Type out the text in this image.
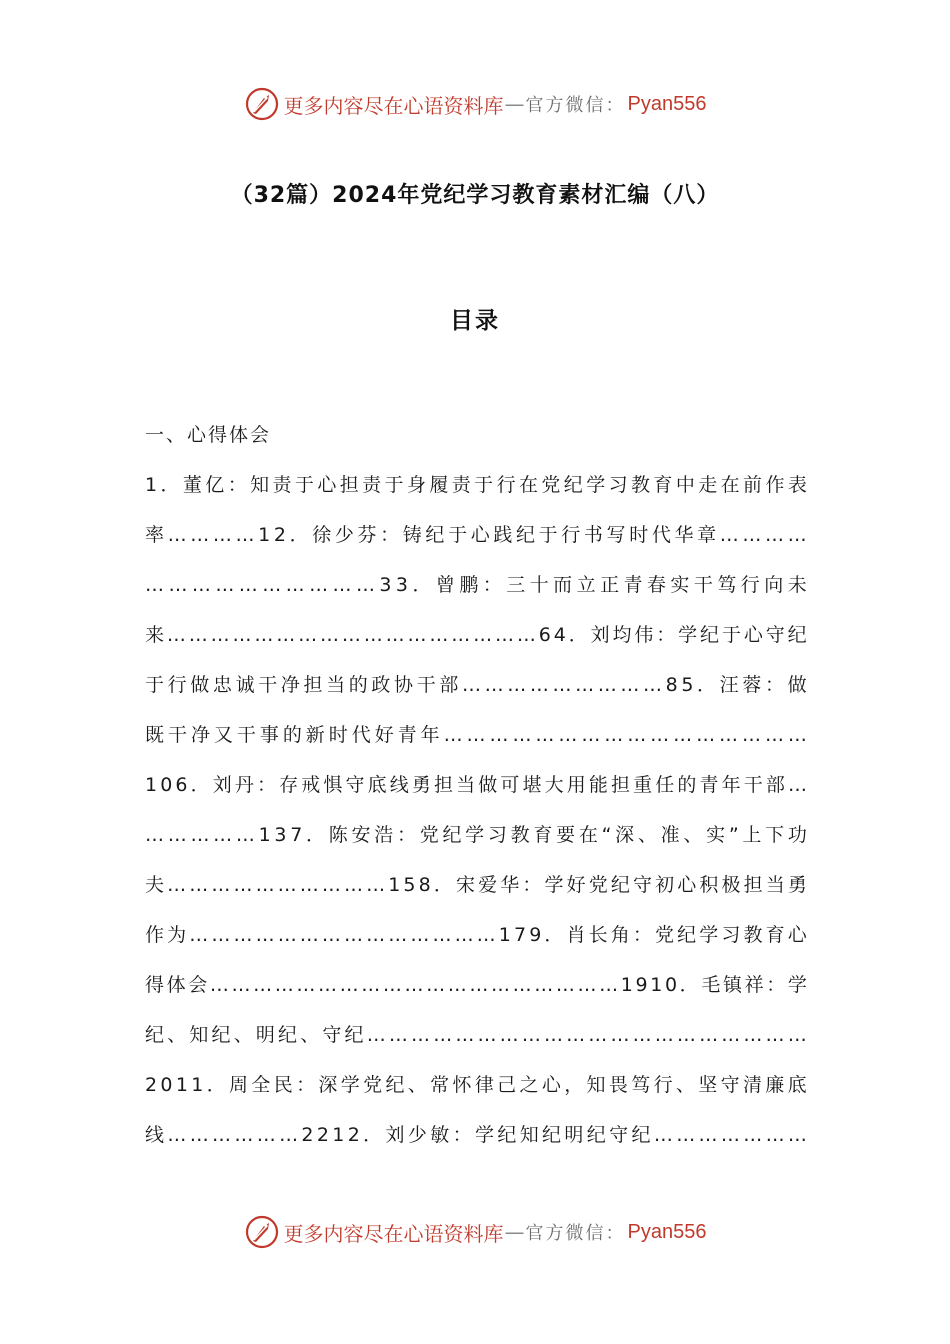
更多内容尽在心语资料库 — 官方微信： Pyan556
（32篇）2024年党纪学习教育素材汇编（八）
目录
一、心得体会
1 ． 董 亿 ： 知 责 于 心 担 责 于 身 履 责 于 行 在 党 纪 学 习 教 育 中 走 在 前 作 表
率 … … … … 1 2 ． 徐 少 芬 ： 铸 纪 于 心 践 纪 于 行 书 写 时 代 华 章 … … … …
… … … … … … … … … … 3 3 ． 曾 鹏 ： 三 十 而 立 正 青 春 实 干 笃 行 向 未
来 … … … … … … … … … … … … … … … … … 6 4 ． 刘 均 伟 ： 学 纪 于 心 守 纪
于 行 做 忠 诚 干 净 担 当 的 政 协 干 部 … … … … … … … … … 8 5 ． 汪 蓉 ： 做
既 干 净 又 干 事 的 新 时 代 好 青 年 … … … … … … … … … … … … … … … …
1 0 6 ． 刘 丹 ： 存 戒 惧 守 底 线 勇 担 当 做 可 堪 大 用 能 担 重 任 的 青 年 干 部 …
… … … … … 1 3 7 ． 陈 安 浩 ： 党 纪 学 习 教 育 要 在 “ 深 、 准 、 实 ” 上 下 功
夫 … … … … … … … … … … 1 5 8 ． 宋 爱 华 ： 学 好 党 纪 守 初 心 积 极 担 当 勇
作 为 … … … … … … … … … … … … … … 1 7 9 ． 肖 长 角 ： 党 纪 学 习 教 育 心
得 体 会 … … … … … … … … … … … … … … … … … … … 1 9 1 0 ． 毛 镇 祥 ： 学
纪 、 知 纪 、 明 纪 、 守 纪 … … … … … … … … … … … … … … … … … … … …
2 0 1 1 ． 周 全 民 ： 深 学 党 纪 、 常 怀 律 己 之 心 ， 知 畏 笃 行 、 坚 守 清 廉 底
线 … … … … … … 2 2 1 2 ． 刘 少 敏 ： 学 纪 知 纪 明 纪 守 纪 … … … … … … …
更多内容尽在心语资料库 — 官方微信： Pyan556
